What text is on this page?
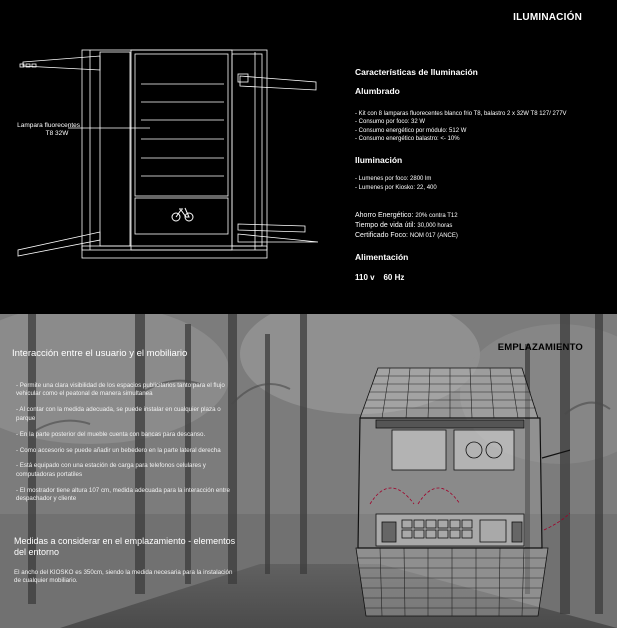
ILUMINACIÓN
Lampara fluorecentes
T8 32W
Características de Iluminación
Alumbrado

- Kit con 8 lamparas fluorecentes blanco frio T8, balastro 2 x 32W T8 127/ 277V

- Consumo por foco: 32 W

- Consumo energético por módulo: 512 W

- Consumo energético balastro: <- 10%

Iluminación

- Lumenes por foco: 2800 lm

- Lumenes por Kiosko: 22, 400

Ahorro Energético: 20% contra T12
Tiempo de vida útil: 30,000 horas
Certificado Foco: NOM 017 (ANCE)
Alimentación
110 v    60 Hz
Interacción entre el usuario y el mobiliario

- Permite una clara visibilidad de los espacios publicitarios tanto para el flujo vehicular como el peatonal de manera simultanea

- Al contar con la medida adecuada, se puede instalar en cualquier plaza o parque

- En la parte posterior del mueble cuenta con bancas para descanso.

- Como accesorio se puede añadir un bebedero en la parte lateral derecha

- Está equipado con una estación de carga para telefonos celulares y computadoras portatiles

- El mostrador tiene altura 107 cm, medida adecuada para la interacción entre despachador y cliente

Medidas a considerar en el emplazamiento - elementos
del entorno
El ancho del KIOSKO es 350cm, siendo la medida necesaria para la instalación de cualquier mobiliario.
EMPLAZAMIENTO
